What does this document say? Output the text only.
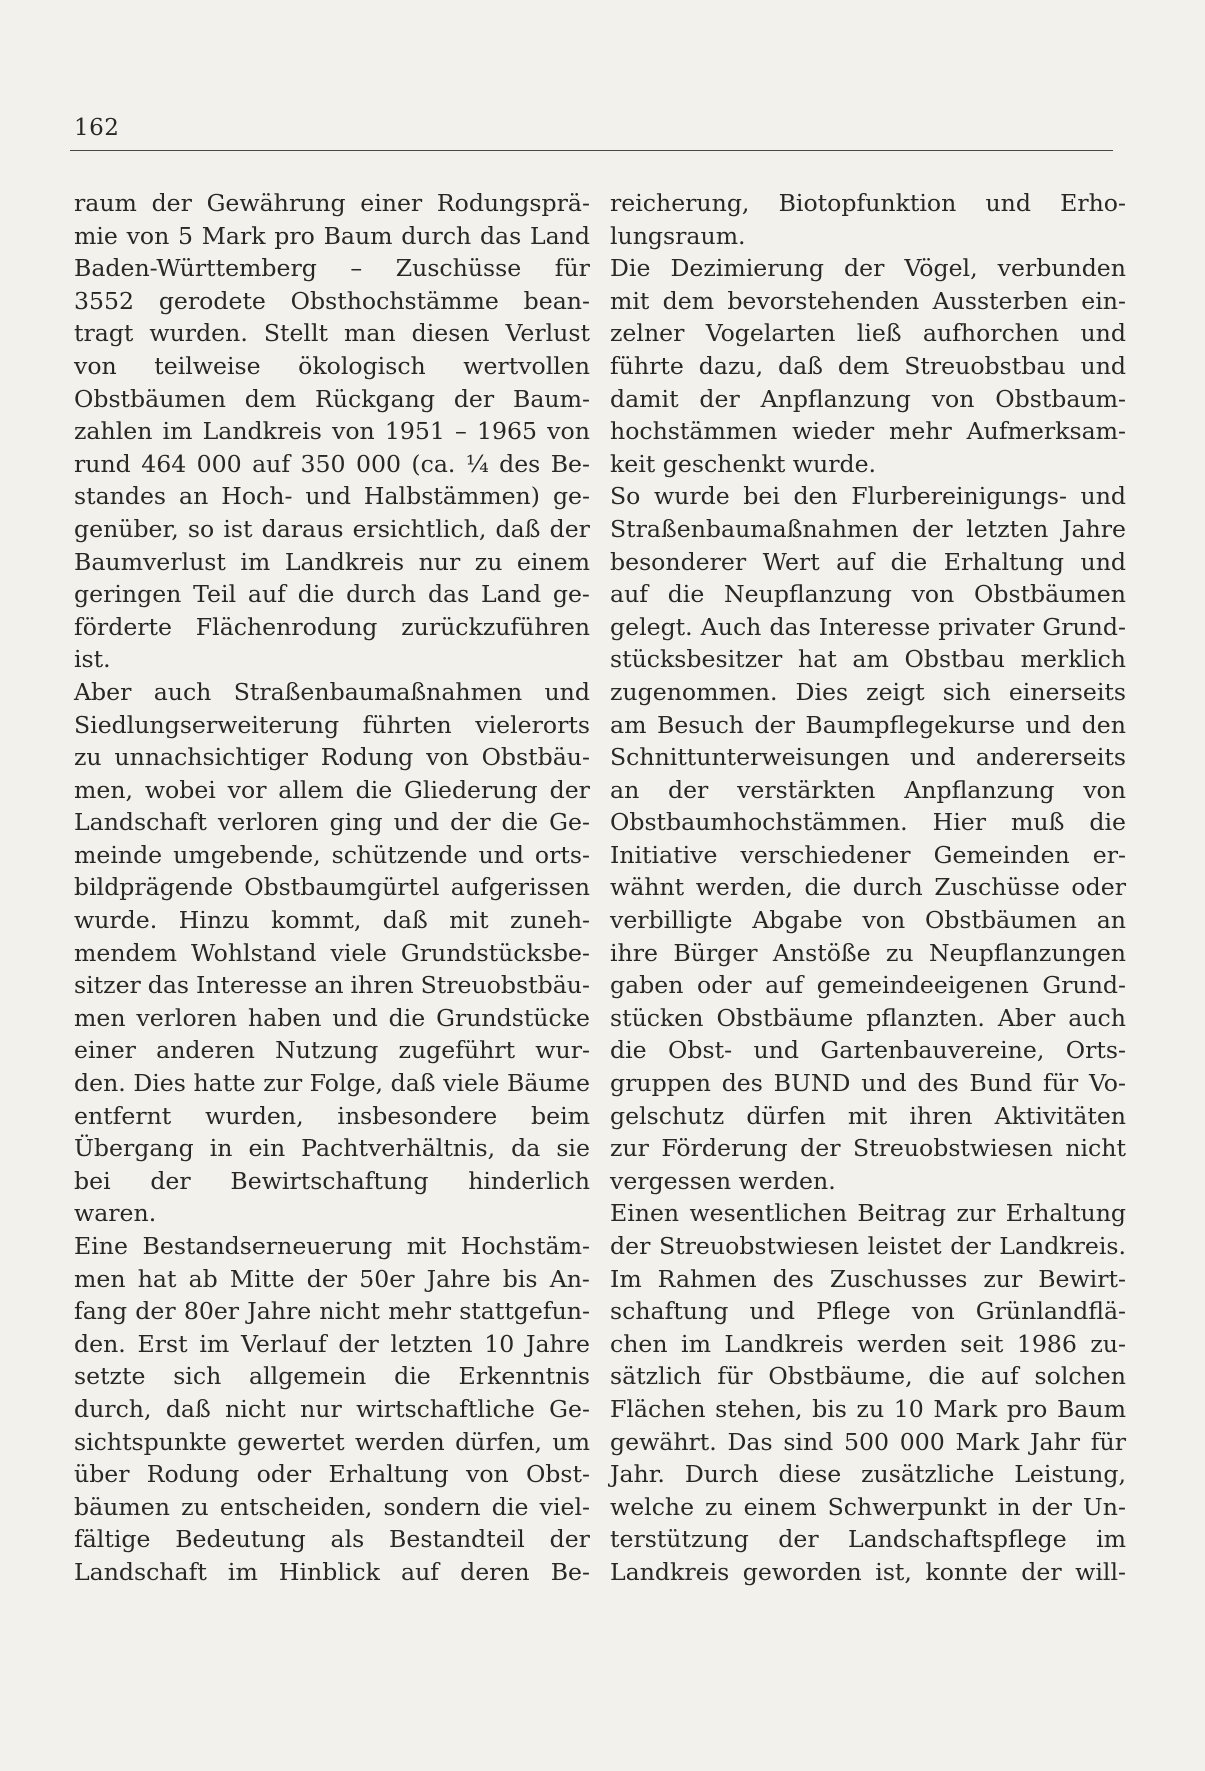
162
raum der Gewährung einer Rodungsprä-
mie von 5 Mark pro Baum durch das Land
Baden-Württemberg – Zuschüsse für
3552 gerodete Obsthochstämme bean-
tragt wurden. Stellt man diesen Verlust
von teilweise ökologisch wertvollen
Obstbäumen dem Rückgang der Baum-
zahlen im Landkreis von 1951 – 1965 von
rund 464 000 auf 350 000 (ca. ¼ des Be-
standes an Hoch- und Halbstämmen) ge-
genüber, so ist daraus ersichtlich, daß der
Baumverlust im Landkreis nur zu einem
geringen Teil auf die durch das Land ge-
förderte Flächenrodung zurückzuführen
ist.
Aber auch Straßenbaumaßnahmen und
Siedlungserweiterung führten vielerorts
zu unnachsichtiger Rodung von Obstbäu-
men, wobei vor allem die Gliederung der
Landschaft verloren ging und der die Ge-
meinde umgebende, schützende und orts-
bildprägende Obstbaumgürtel aufgerissen
wurde. Hinzu kommt, daß mit zuneh-
mendem Wohlstand viele Grundstücksbe-
sitzer das Interesse an ihren Streuobstbäu-
men verloren haben und die Grundstücke
einer anderen Nutzung zugeführt wur-
den. Dies hatte zur Folge, daß viele Bäume
entfernt wurden, insbesondere beim
Übergang in ein Pachtverhältnis, da sie
bei der Bewirtschaftung hinderlich
waren.
Eine Bestandserneuerung mit Hochstäm-
men hat ab Mitte der 50er Jahre bis An-
fang der 80er Jahre nicht mehr stattgefun-
den. Erst im Verlauf der letzten 10 Jahre
setzte sich allgemein die Erkenntnis
durch, daß nicht nur wirtschaftliche Ge-
sichtspunkte gewertet werden dürfen, um
über Rodung oder Erhaltung von Obst-
bäumen zu entscheiden, sondern die viel-
fältige Bedeutung als Bestandteil der
Landschaft im Hinblick auf deren Be-
reicherung, Biotopfunktion und Erho-
lungsraum.
Die Dezimierung der Vögel, verbunden
mit dem bevorstehenden Aussterben ein-
zelner Vogelarten ließ aufhorchen und
führte dazu, daß dem Streuobstbau und
damit der Anpflanzung von Obstbaum-
hochstämmen wieder mehr Aufmerksam-
keit geschenkt wurde.
So wurde bei den Flurbereinigungs- und
Straßenbaumaßnahmen der letzten Jahre
besonderer Wert auf die Erhaltung und
auf die Neupflanzung von Obstbäumen
gelegt. Auch das Interesse privater Grund-
stücksbesitzer hat am Obstbau merklich
zugenommen. Dies zeigt sich einerseits
am Besuch der Baumpflegekurse und den
Schnittunterweisungen und andererseits
an der verstärkten Anpflanzung von
Obstbaumhochstämmen. Hier muß die
Initiative verschiedener Gemeinden er-
wähnt werden, die durch Zuschüsse oder
verbilligte Abgabe von Obstbäumen an
ihre Bürger Anstöße zu Neupflanzungen
gaben oder auf gemeindeeigenen Grund-
stücken Obstbäume pflanzten. Aber auch
die Obst- und Gartenbauvereine, Orts-
gruppen des BUND und des Bund für Vo-
gelschutz dürfen mit ihren Aktivitäten
zur Förderung der Streuobstwiesen nicht
vergessen werden.
Einen wesentlichen Beitrag zur Erhaltung
der Streuobstwiesen leistet der Landkreis.
Im Rahmen des Zuschusses zur Bewirt-
schaftung und Pflege von Grünlandflä-
chen im Landkreis werden seit 1986 zu-
sätzlich für Obstbäume, die auf solchen
Flächen stehen, bis zu 10 Mark pro Baum
gewährt. Das sind 500 000 Mark Jahr für
Jahr. Durch diese zusätzliche Leistung,
welche zu einem Schwerpunkt in der Un-
terstützung der Landschaftspflege im
Landkreis geworden ist, konnte der will-
